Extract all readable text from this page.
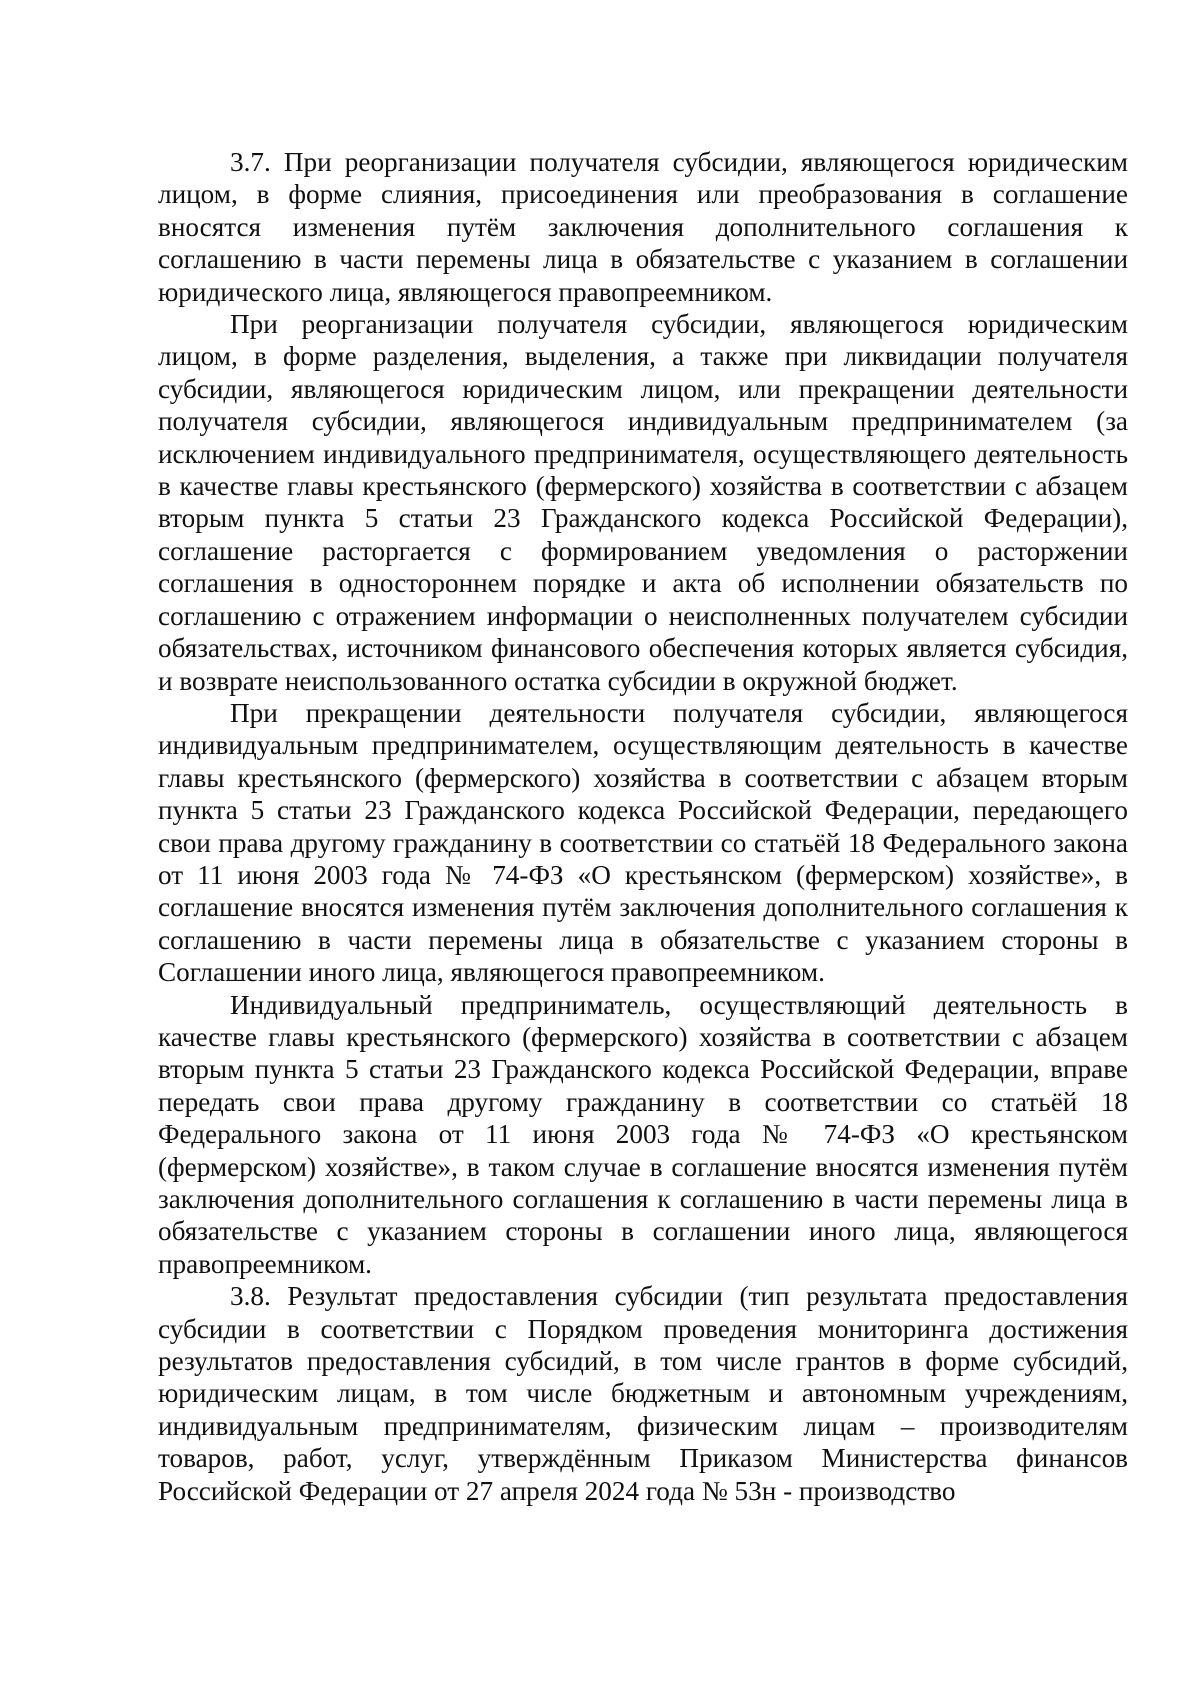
3.7. При реорганизации получателя субсидии, являющегося юридическим лицом, в форме слияния, присоединения или преобразования в соглашение вносятся изменения путём заключения дополнительного соглашения к соглашению в части перемены лица в обязательстве с указанием в соглашении юридического лица, являющегося правопреемником.

При реорганизации получателя субсидии, являющегося юридическим лицом, в форме разделения, выделения, а также при ликвидации получателя субсидии, являющегося юридическим лицом, или прекращении деятельности получателя субсидии, являющегося индивидуальным предпринимателем (за исключением индивидуального предпринимателя, осуществляющего деятельность в качестве главы крестьянского (фермерского) хозяйства в соответствии с абзацем вторым пункта 5 статьи 23 Гражданского кодекса Российской Федерации), соглашение расторгается с формированием уведомления о расторжении соглашения в одностороннем порядке и акта об исполнении обязательств по соглашению с отражением информации о неисполненных получателем субсидии обязательствах, источником финансового обеспечения которых является субсидия, и возврате неиспользованного остатка субсидии в окружной бюджет.

При прекращении деятельности получателя субсидии, являющегося индивидуальным предпринимателем, осуществляющим деятельность в качестве главы крестьянского (фермерского) хозяйства в соответствии с абзацем вторым пункта 5 статьи 23 Гражданского кодекса Российской Федерации, передающего свои права другому гражданину в соответствии со статьёй 18 Федерального закона от 11 июня 2003 года № 74-ФЗ «О крестьянском (фермерском) хозяйстве», в соглашение вносятся изменения путём заключения дополнительного соглашения к соглашению в части перемены лица в обязательстве с указанием стороны в Соглашении иного лица, являющегося правопреемником.

Индивидуальный предприниматель, осуществляющий деятельность в качестве главы крестьянского (фермерского) хозяйства в соответствии с абзацем вторым пункта 5 статьи 23 Гражданского кодекса Российской Федерации, вправе передать свои права другому гражданину в соответствии со статьёй 18 Федерального закона от 11 июня 2003 года № 74-ФЗ «О крестьянском (фермерском) хозяйстве», в таком случае в соглашение вносятся изменения путём заключения дополнительного соглашения к соглашению в части перемены лица в обязательстве с указанием стороны в соглашении иного лица, являющегося правопреемником.

3.8. Результат предоставления субсидии (тип результата предоставления субсидии в соответствии с Порядком проведения мониторинга достижения результатов предоставления субсидий, в том числе грантов в форме субсидий, юридическим лицам, в том числе бюджетным и автономным учреждениям, индивидуальным предпринимателям, физическим лицам – производителям товаров, работ, услуг, утверждённым Приказом Министерства финансов Российской Федерации от 27 апреля 2024 года № 53н - производство
